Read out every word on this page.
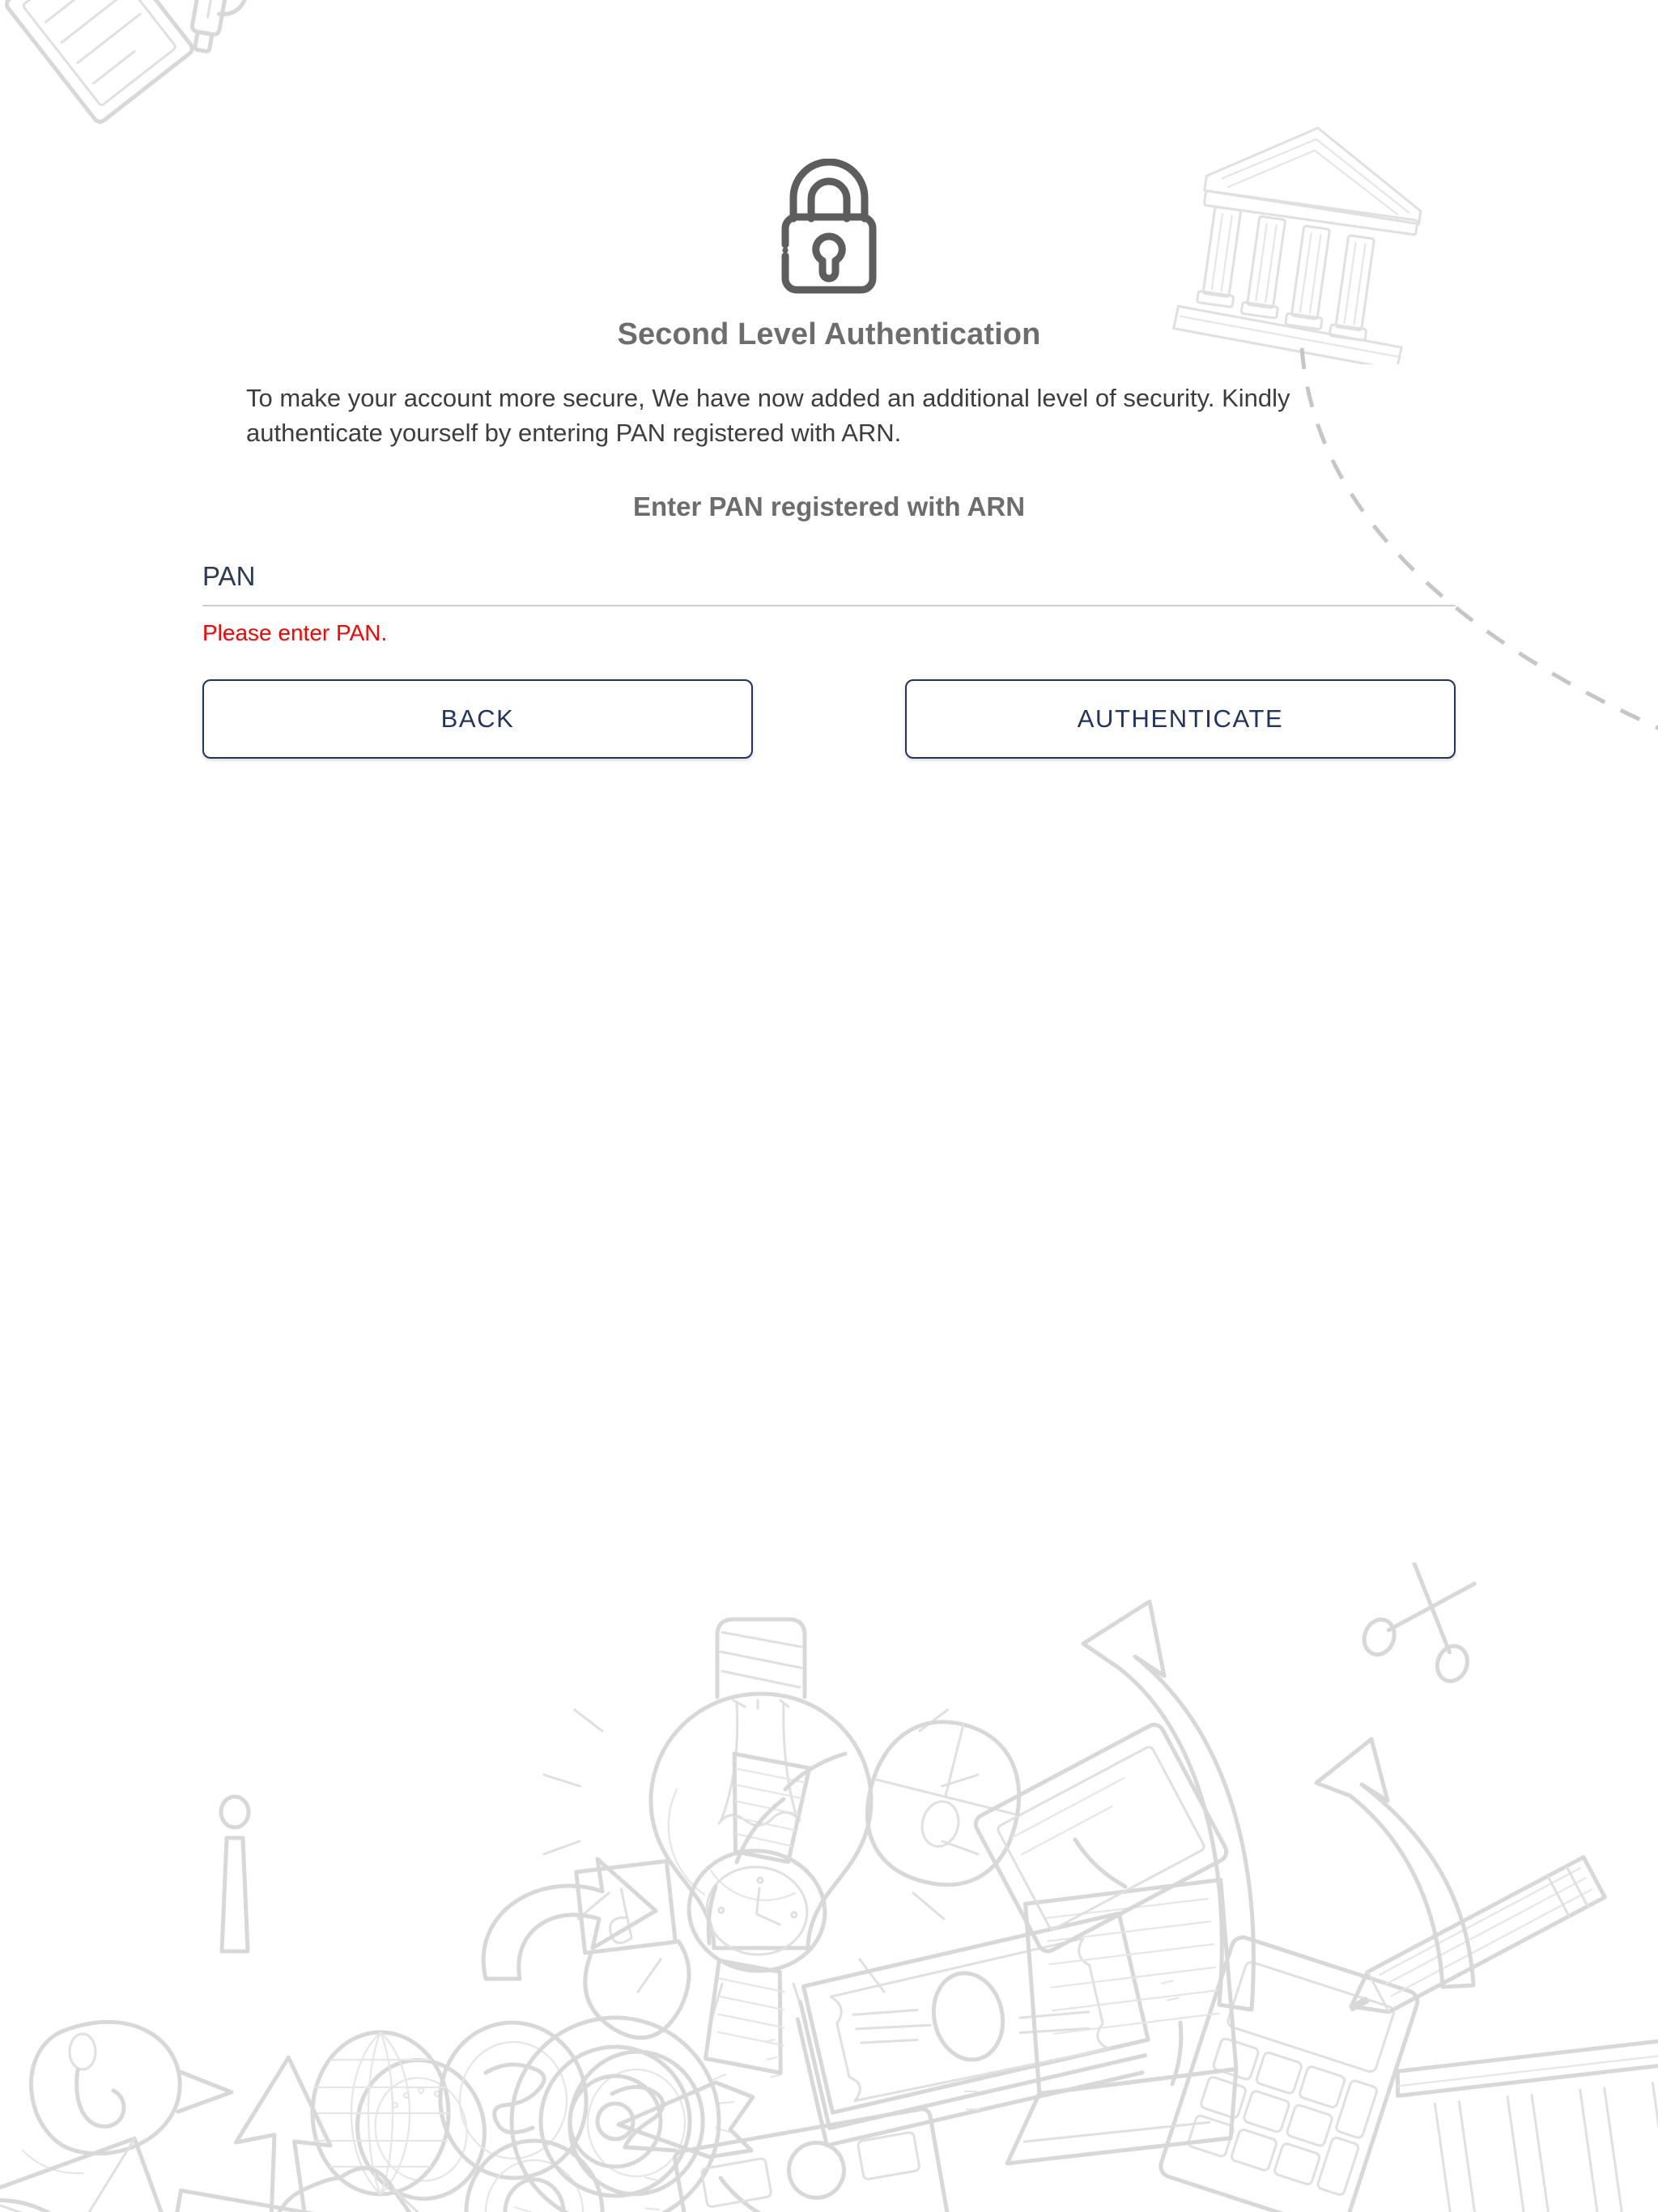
Second Level Authentication

To make your account more secure, We have now added an additional level of security. Kindly authenticate yourself by entering PAN registered with ARN.

Enter PAN registered with ARN
PAN
Please enter PAN.
BACK	AUTHENTICATE
